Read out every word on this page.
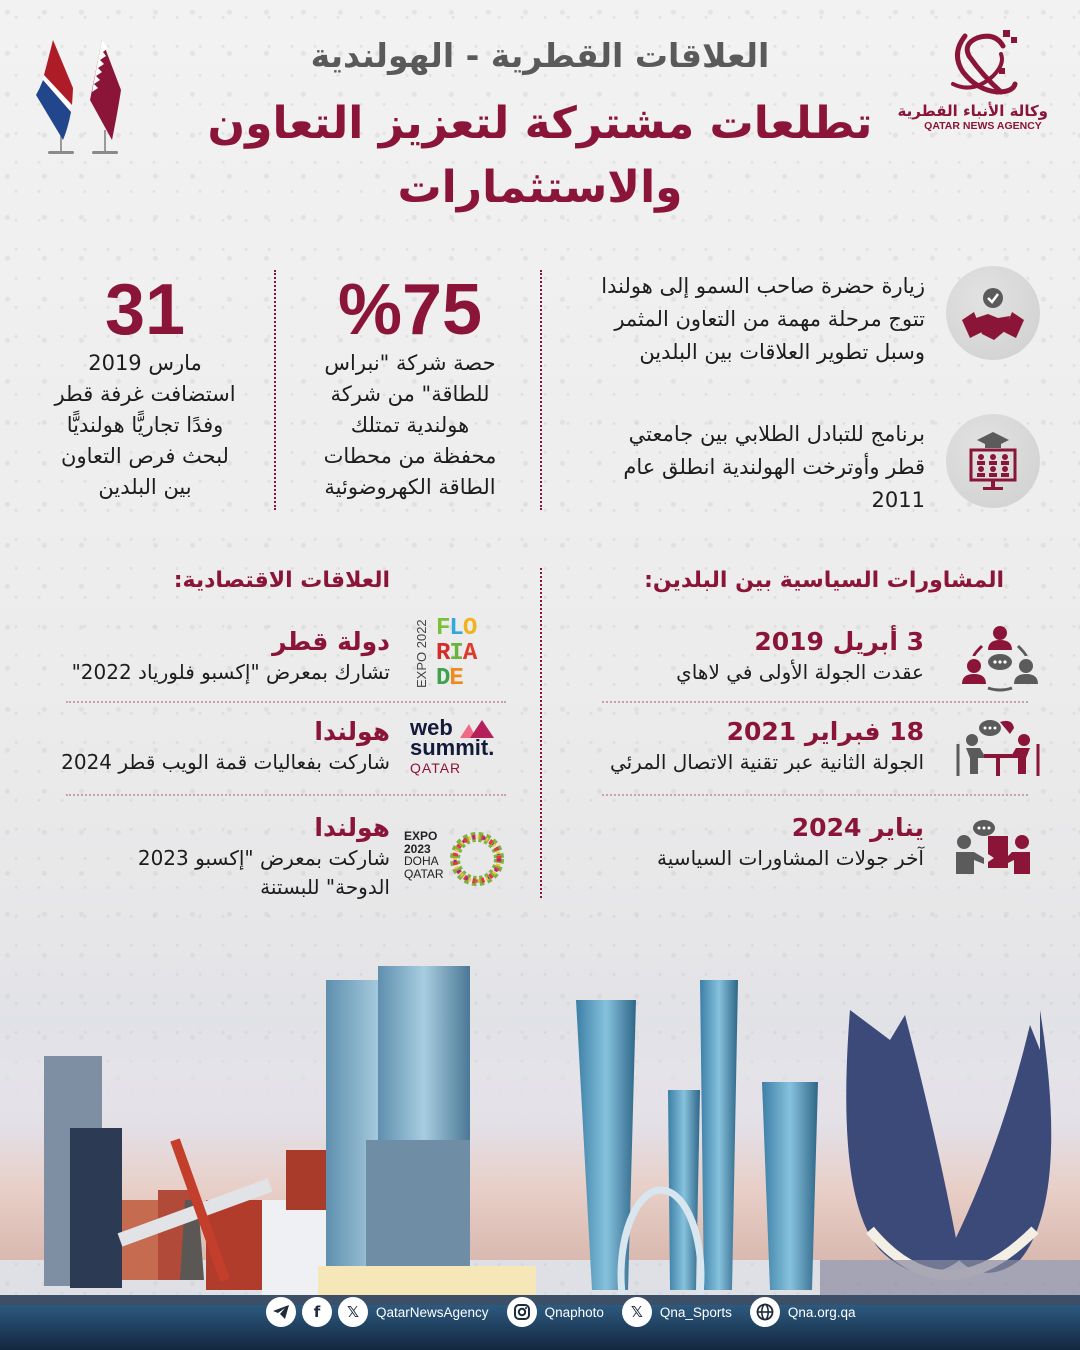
العلاقات القطرية - الهولندية
تطلعات مشتركة لتعزيز التعاون
والاستثمارات
وكالة الأنباء القطرية
QATAR NEWS AGENCY
زيارة حضرة صاحب السمو إلى هولندا
تتوج مرحلة مهمة من التعاون المثمر
وسبل تطوير العلاقات بين البلدين
برنامج للتبادل الطلابي بين جامعتي
قطر وأوترخت الهولندية انطلق عام
2011
%75
حصة شركة "نبراس
للطاقة" من شركة
هولندية تمتلك
محفظة من محطات
الطاقة الكهروضوئية
31
مارس 2019
استضافت غرفة قطر
وفدًا تجاريًّا هولنديًّا
لبحث فرص التعاون
بين البلدين
المشاورات السياسية بين البلدين:
3 أبريل 2019
عقدت الجولة الأولى في لاهاي
18 فبراير 2021
الجولة الثانية عبر تقنية الاتصال المرئي
يناير 2024
آخر جولات المشاورات السياسية
العلاقات الاقتصادية:
EXPO 2022 FLO
RIA
DE
دولة قطر
تشارك بمعرض "إكسبو فلورياد 2022"
web
summit.
QATAR
هولندا
شاركت بفعاليات قمة الويب قطر 2024
EXPO
2023
DOHA
QATAR
هولندا
شاركت بمعرض "إكسبو 2023
الدوحة" للبستنة
f	𝕏	QatarNewsAgency	Qnaphoto	𝕏	Qna_Sports	Qna.org.qa
